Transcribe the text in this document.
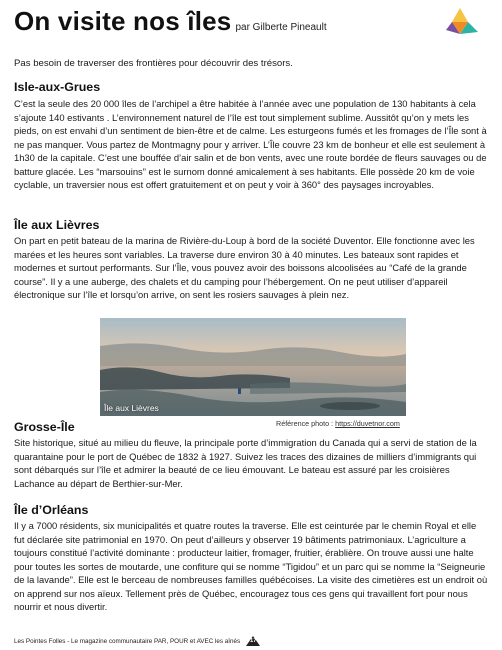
On visite nos îles par Gilberte Pineault
Pas besoin de traverser des frontières pour découvrir des trésors.
Isle-aux-Grues
C’est la seule des 20 000 îles de l’archipel a être habitée à l’année avec une population de 130 habitants à cela s’ajoute 140 estivants . L’environnement naturel de l’île est tout simplement sublime. Aussitôt qu’on y mets les pieds, on est envahi d’un sentiment de bien-être et de calme. Les esturgeons fumés et les fromages de l’Île sont à ne pas manquer. Vous partez de Montmagny pour y arriver. L’Île couvre 23 km de bonheur et elle est seulement à 1h30 de la capitale. C’est une bouffée d’air salin et de bon vents, avec une route bordée de fleurs sauvages ou de batture glacée. Les “marsouins” est le surnom donné amicalement à ses habitants. Elle possède 20 km de voie cyclable, un traversier nous est offert gratuitement et on peut y voir à 360° des paysages incroyables.
Île aux Lièvres
On part en petit bateau de la marina de Rivière-du-Loup à bord de la société Duventor. Elle fonctionne avec les marées et les heures sont variables. La traverse dure environ 30 à 40 minutes. Les bateaux sont rapides et modernes et surtout performants. Sur l’Île, vous pouvez avoir des boissons alcoolisées au “Café de la grande course”. Il y a une auberge, des chalets et du camping pour l’hébergement. On ne peut utiliser d’appareil électronique sur l’île et lorsqu’on arrive, on sent les rosiers sauvages à plein nez.
Île aux Lièvres
Référence photo : https://duvetnor.com
Grosse-Île
Site historique, situé au milieu du fleuve, la principale porte d’immigration du Canada qui a servi de station de la quarantaine pour le port de Québec de 1832 à 1927. Suivez les traces des dizaines de milliers d’immigrants qui sont débarqués sur l’île et admirer la beauté de ce lieu émouvant. Le bateau est assuré par les croisières Lachance au départ de Berthier-sur-Mer.
Île d’Orléans
Il y a 7000 résidents, six municipalités et quatre routes la traverse. Elle est ceinturée par le chemin Royal et elle fut déclarée site patrimonial en 1970. On peut d’ailleurs y observer 19 bâtiments patrimoniaux. L’agriculture a toujours constitué l’activité dominante : producteur laitier, fromager, fruitier, érablière. On trouve aussi une halte pour toutes les sortes de moutarde, une confiture qui se nomme “Tigidou” et un parc qui se nomme la “Seigneurie de la lavande”. Elle est le berceau de nombreuses familles québécoises. La visite des cimetières est un endroit où on apprend sur nos aïeux. Tellement près de Québec, encouragez tous ces gens qui travaillent fort pour nous nourrir et nous divertir.
Les Pointes Folles - Le magazine communautaire PAR, POUR et AVEC les aînés	17
